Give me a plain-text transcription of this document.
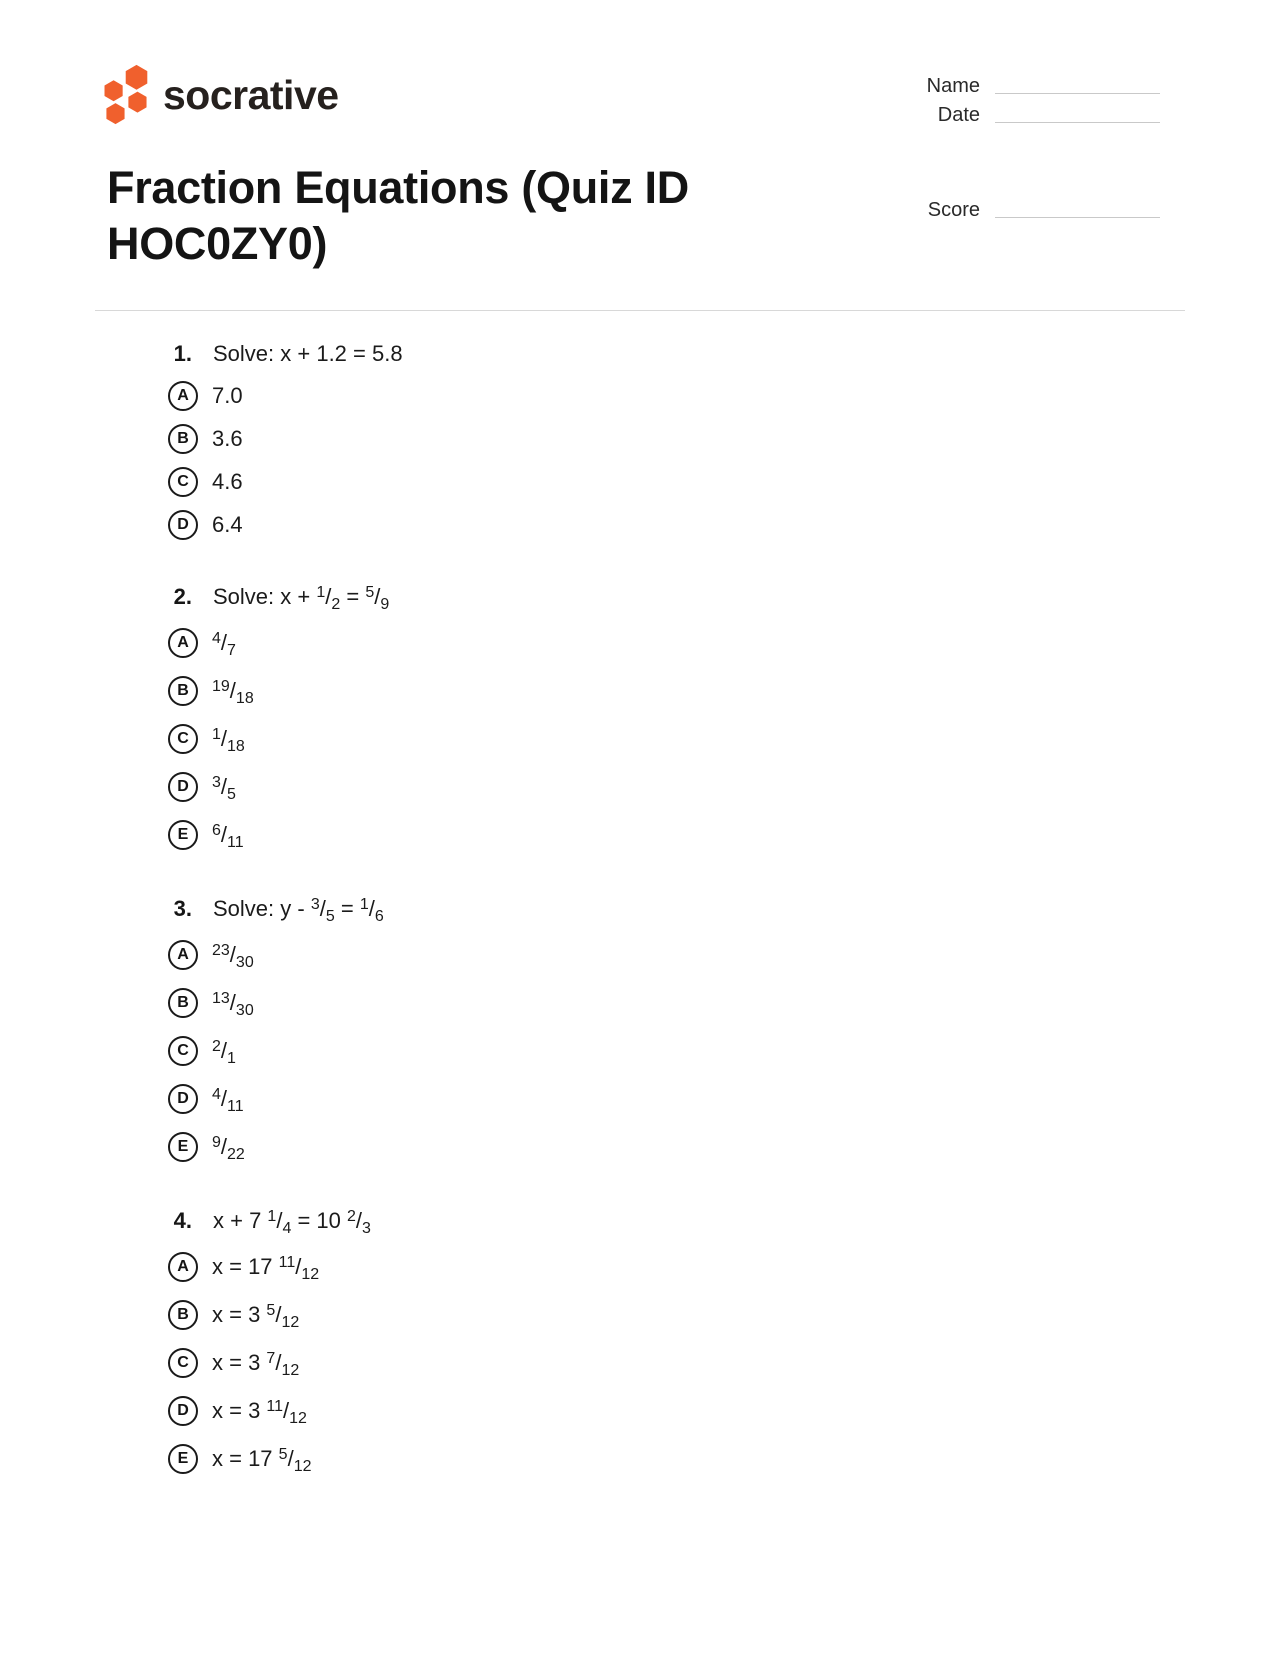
socrative	Name
Date
Score
Fraction Equations (Quiz ID HOC0ZY0)
1. Solve: x + 1.2 = 5.8
A 7.0
B 3.6
C 4.6
D 6.4
2. Solve: $x + ^1/_2 = ^5/_9$
A $^4/_7$
B $^{19}/_{18}$
C $^1/_{18}$
D $^3/_5$
E $^6/_{11}$
3. Solve: $y - ^3/_5 = ^1/_6$
A $^{23}/_{30}$
B $^{13}/_{30}$
C $^2/_1$
D $^4/_{11}$
E $^9/_{22}$
4. x + 7 $^1/_4 = 10$ $^2/_3$
A x = 17 $^{11}/_{12}$
B x = 3 $^5/_{12}$
C x = 3 $^7/_{12}$
D x = 3 $^{11}/_{12}$
E x = 17 $^5/_{12}$
